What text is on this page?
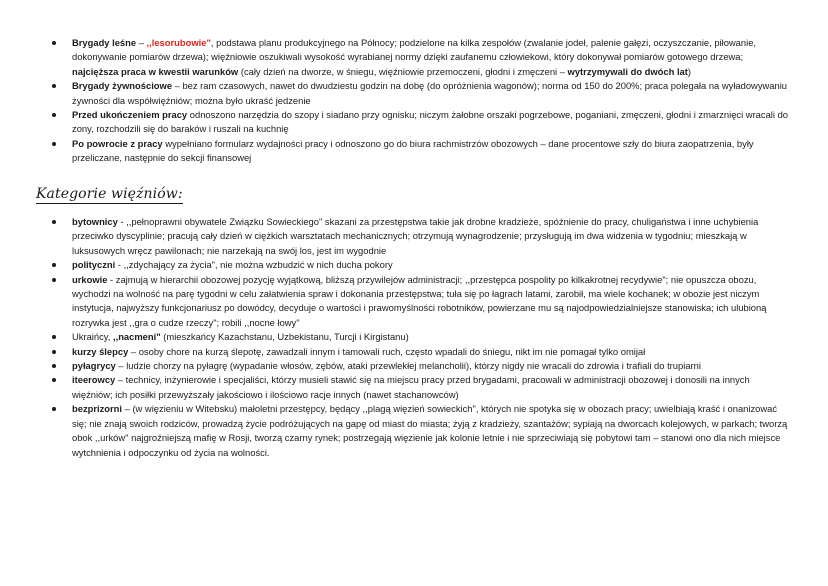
Brygady leśne – ,,lesorubowie", podstawa planu produkcyjnego na Północy; podzielone na kilka zespołów (zwalanie jodeł, palenie gałęzi, oczyszczanie, piłowanie, dokonywanie pomiarów drzewa); więźniowie oszukiwali wysokość wyrabianej normy dzięki zaufanemu człowiekowi, który dokonywał pomiarów gotowego drzewa; najcięższa praca w kwestii warunków (cały dzień na dworze, w śniegu, więźniowie przemoczeni, głodni i zmęczeni – wytrzymywali do dwóch lat)
Brygady żywnościowe – bez ram czasowych, nawet do dwudziestu godzin na dobę (do opróżnienia wagonów); norma od 150 do 200%; praca polegała na wyładowywaniu żywności dla współwięźniów; można było ukraść jedzenie
Przed ukończeniem pracy odnoszono narzędzia do szopy i siadano przy ognisku; niczym żałobne orszaki pogrzebowe, poganiani, zmęczeni, głodni i zmarznięci wracali do zony, rozchodzili się do baraków i ruszali na kuchnię
Po powrocie z pracy wypełniano formularz wydajności pracy i odnoszono go do biura rachmistrzów obozowych – dane procentowe szły do biura zaopatrzenia, były przeliczane, następnie do sekcji finansowej
Kategorie więźniów:
bytownicy - ,,pełnoprawni obywatele Związku Sowieckiego" skazani za przestępstwa takie jak drobne kradzieże, spóźnienie do pracy, chuligaństwa i inne uchybienia przeciwko dyscyplinie; pracują cały dzień w ciężkich warsztatach mechanicznych; otrzymują wynagrodzenie; przysługują im dwa widzenia w tygodniu; mieszkają w luksusowych wręcz pawilonach; nie narzekają na swój los, jest im wygodnie
polityczni - ,,zdychający za życia", nie można wzbudzić w nich ducha pokory
urkowie - zajmują w hierarchii obozowej pozycję wyjątkową, bliższą przywilejów administracji; ,,przestępca pospolity po kilkakrotnej recydywie"; nie opuszcza obozu, wychodzi na wolność na parę tygodni w celu załatwienia spraw i dokonania przestępstwa; tuła się po łagrach latami, zarobił, ma wiele kochanek; w obozie jest niczym instytucja, najwyższy funkcjonariusz po dowódcy, decyduje o wartości i prawomyślności robotników, powierzane mu są najodpowiedzialniejsze stanowiska; ich ulubioną rozrywka jest ,,gra o cudze rzeczy"; robili ,,nocne łowy"
Ukraińcy, ,,nacmeni" (mieszkańcy Kazachstanu, Uzbekistanu, Turcji i Kirgistanu)
kurzy ślepcy – osoby chore na kurzą ślepotę, zawadzali innym i tamowali ruch, często wpadali do śniegu, nikt im nie pomagał tylko omijał
pyłagrycy – ludzie chorzy na pyłagrę (wypadanie włosów, zębów, ataki przewlekłej melancholii), którzy nigdy nie wracali do zdrowia i trafiali do trupiarni
iteerowcy – technicy, inżynierowie i specjaliści, którzy musieli stawić się na miejscu pracy przed brygadami, pracowali w administracji obozowej i donosili na innych więźniów; ich posiłki przewyższały jakościowo i ilościowo racje innych (nawet stachanowców)
bezprizorni – (w więzieniu w Witebsku) małoletni przestępcy, będący ,,plagą więzień sowieckich", których nie spotyka się w obozach pracy; uwielbiają kraść i onanizować się; nie znają swoich rodziców, prowadzą życie podróżujących na gapę od miast do miasta; żyją z kradzieży, szantażów; sypiają na dworcach kolejowych, w parkach; tworzą obok ,,urków" najgroźniejszą mafię w Rosji, tworzą czarny rynek; postrzegają więzienie jak kolonie letnie i nie sprzeciwiają się pobytowi tam – stanowi ono dla nich miejsce wytchnienia i odpoczynku od życia na wolności.
